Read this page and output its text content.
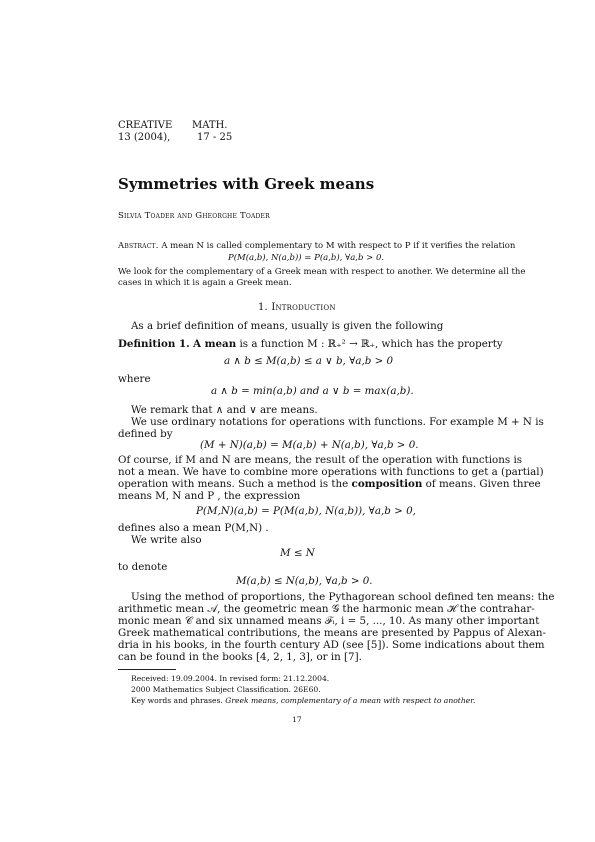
CREATIVE MATH.
13 (2004),	17 - 25
Symmetries with Greek means
Silvia Toader and Gheorghe Toader
Abstract. A mean N is called complementary to M with respect to P if it verifies the relation
P(M(a,b), N(a,b)) = P(a,b), ∀a,b > 0.
We look for the complementary of a Greek mean with respect to another. We determine all the
cases in which it is again a Greek mean.
1. Introduction
As a brief definition of means, usually is given the following
Definition 1. A mean is a function M : ℝ₊² → ℝ₊, which has the property
a ∧ b ≤ M(a,b) ≤ a ∨ b, ∀a,b > 0
where
a ∧ b = min(a,b) and a ∨ b = max(a,b).
We remark that ∧ and ∨ are means.
We use ordinary notations for operations with functions. For example M + N is
defined by
(M + N)(a,b) = M(a,b) + N(a,b), ∀a,b > 0.
Of course, if M and N are means, the result of the operation with functions is
not a mean. We have to combine more operations with functions to get a (partial)
operation with means. Such a method is the composition of means. Given three
means M, N and P , the expression
P(M,N)(a,b) = P(M(a,b), N(a,b)), ∀a,b > 0,
defines also a mean P(M,N) .
We write also
M ≤ N
to denote
M(a,b) ≤ N(a,b), ∀a,b > 0.
Using the method of proportions, the Pythagorean school defined ten means: the
arithmetic mean 𝒜, the geometric mean 𝒢 the harmonic mean ℋ the contrahar-
monic mean 𝒞 and six unnamed means ℱᵢ, i = 5, ..., 10. As many other important
Greek mathematical contributions, the means are presented by Pappus of Alexan-
dria in his books, in the fourth century AD (see [5]). Some indications about them
can be found in the books [4, 2, 1, 3], or in [7].
Received: 19.09.2004. In revised form: 21.12.2004.
2000 Mathematics Subject Classification. 26E60.
Key words and phrases. Greek means, complementary of a mean with respect to another.
17
